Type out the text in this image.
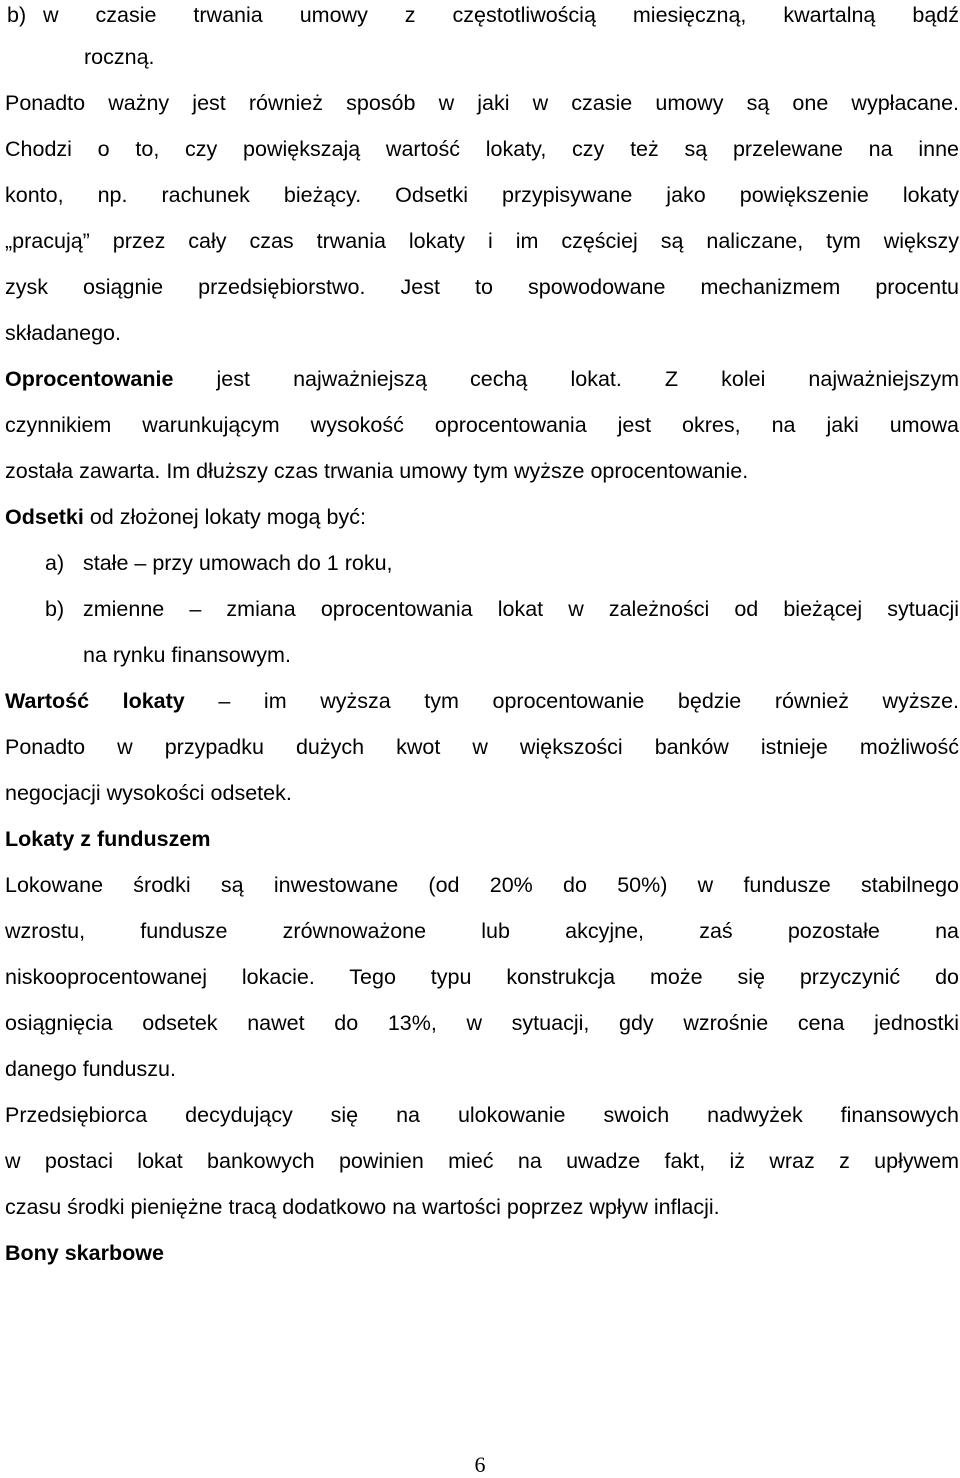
b) w czasie trwania umowy z częstotliwością miesięczną, kwartalną bądź
roczną.
Ponadto ważny jest również sposób w jaki w czasie umowy są one wypłacane.
Chodzi o to, czy powiększają wartość lokaty, czy też są przelewane na inne
konto, np. rachunek bieżący. Odsetki przypisywane jako powiększenie lokaty
„pracują” przez cały czas trwania lokaty i im częściej są naliczane, tym większy
zysk osiągnie przedsiębiorstwo. Jest to spowodowane mechanizmem procentu
składanego.
Oprocentowanie jest najważniejszą cechą lokat. Z kolei najważniejszym
czynnikiem warunkującym wysokość oprocentowania jest okres, na jaki umowa
została zawarta. Im dłuższy czas trwania umowy tym wyższe oprocentowanie.
Odsetki od złożonej lokaty mogą być:
a) stałe – przy umowach do 1 roku,
b) zmienne – zmiana oprocentowania lokat w zależności od bieżącej sytuacji
na rynku finansowym.
Wartość lokaty – im wyższa tym oprocentowanie będzie również wyższe.
Ponadto w przypadku dużych kwot w większości banków istnieje możliwość
negocjacji wysokości odsetek.
Lokaty z funduszem
Lokowane środki są inwestowane (od 20% do 50%) w fundusze stabilnego
wzrostu, fundusze zrównoważone lub akcyjne, zaś pozostałe na
niskooprocentowanej lokacie. Tego typu konstrukcja może się przyczynić do
osiągnięcia odsetek nawet do 13%, w sytuacji, gdy wzrośnie cena jednostki
danego funduszu.
Przedsiębiorca decydujący się na ulokowanie swoich nadwyżek finansowych
w postaci lokat bankowych powinien mieć na uwadze fakt, iż wraz z upływem
czasu środki pieniężne tracą dodatkowo na wartości poprzez wpływ inflacji.
Bony skarbowe
6
